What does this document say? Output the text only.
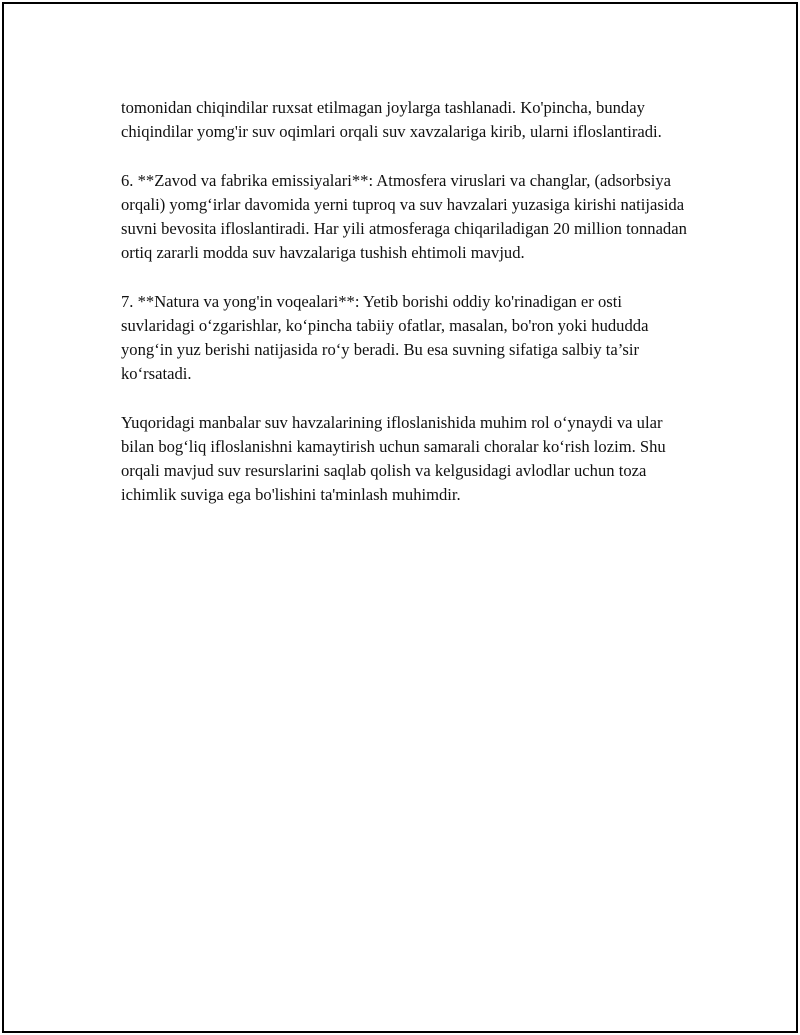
tomonidan chiqindilar ruxsat etilmagan joylarga tashlanadi. Ko'pincha, bunday chiqindilar yomg'ir suv oqimlari orqali suv xavzalariga kirib, ularni ifloslantiradi.

6. **Zavod va fabrika emissiyalari**: Atmosfera viruslari va changlar, (adsorbsiya orqali) yomg‘irlar davomida yerni tuproq va suv havzalari yuzasiga kirishi natijasida suvni bevosita ifloslantiradi. Har yili atmosferaga chiqariladigan 20 million tonnadan ortiq zararli modda suv havzalariga tushish ehtimoli mavjud.

7. **Natura va yong'in voqealari**: Yetib borishi oddiy ko'rinadigan er osti suvlaridagi o‘zgarishlar, ko‘pincha tabiiy ofatlar, masalan, bo'ron yoki hududda yong‘in yuz berishi natijasida ro‘y beradi. Bu esa suvning sifatiga salbiy ta’sir ko‘rsatadi.

Yuqoridagi manbalar suv havzalarining ifloslanishida muhim rol o‘ynaydi va ular bilan bog‘liq ifloslanishni kamaytirish uchun samarali choralar ko‘rish lozim. Shu orqali mavjud suv resurslarini saqlab qolish va kelgusidagi avlodlar uchun toza ichimlik suviga ega bo'lishini ta'minlash muhimdir.
